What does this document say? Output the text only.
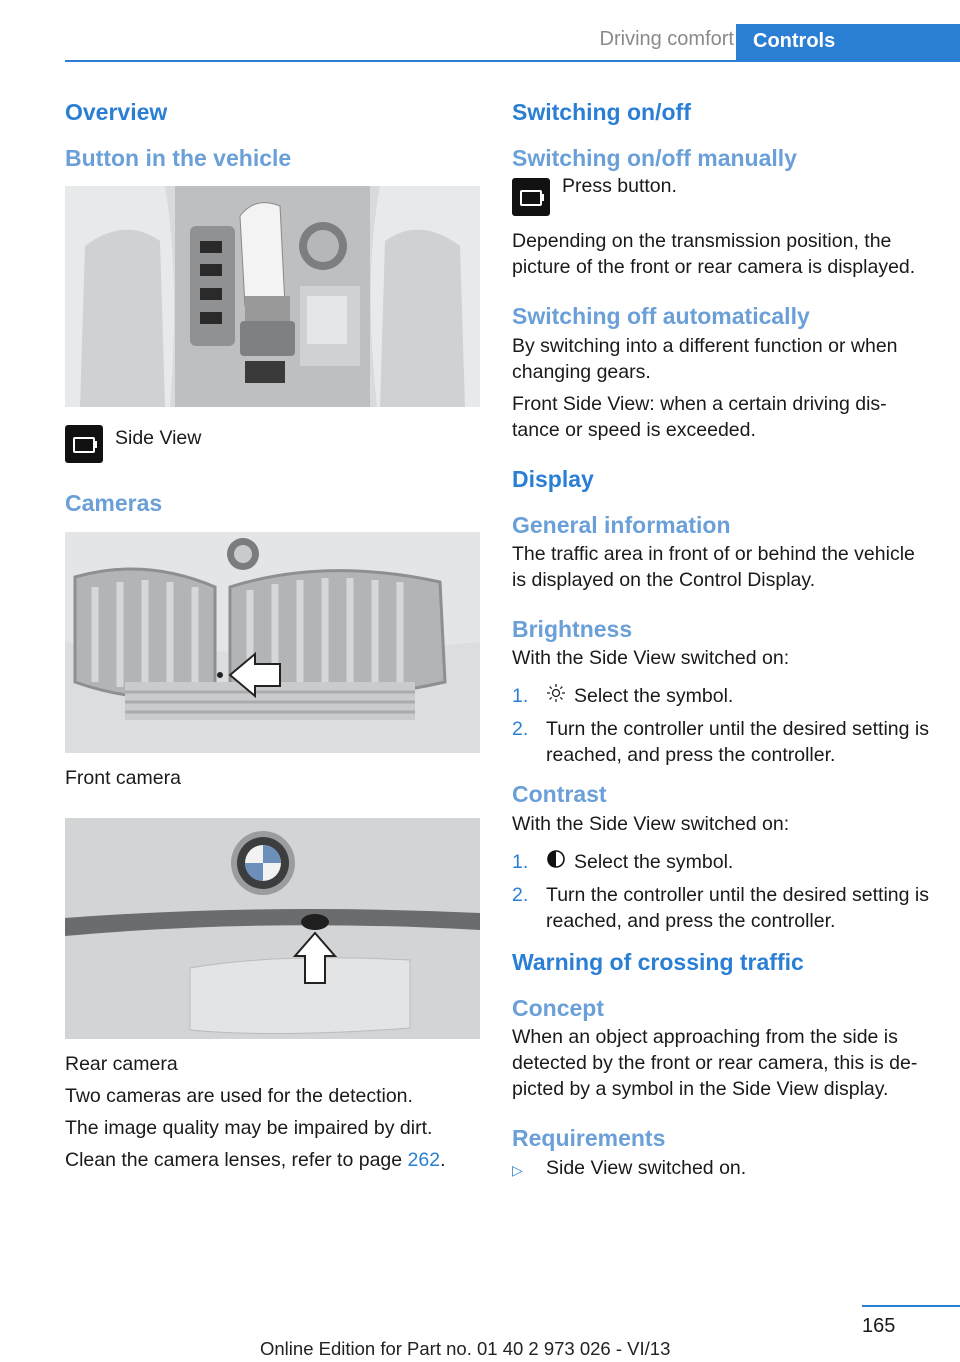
Driving comfort Controls
Overview
Button in the vehicle
Side View
Cameras

Front camera

Rear camera

Two cameras are used for the detection.

The image quality may be impaired by dirt.

Clean the camera lenses, refer to page 262.

Switching on/off
Switching on/off manually
Press button.

Depending on the transmission position, the picture of the front or rear camera is displayed.

Switching off automatically

By switching into a different function or when changing gears.

Front Side View: when a certain driving dis‐tance or speed is exceeded.

Display
General information

The traffic area in front of or behind the vehicle is displayed on the Control Display.

Brightness

With the Side View switched on:

1.	Select the symbol.
2. Turn the controller until the desired setting is reached, and press the controller.
Contrast

With the Side View switched on:

1.	Select the symbol.
2. Turn the controller until the desired setting is reached, and press the controller.
Warning of crossing traffic
Concept

When an object approaching from the side is detected by the front or rear camera, this is de‐picted by a symbol in the Side View display.

Requirements
▷	Side View switched on.
165
Online Edition for Part no. 01 40 2 973 026 - VI/13
